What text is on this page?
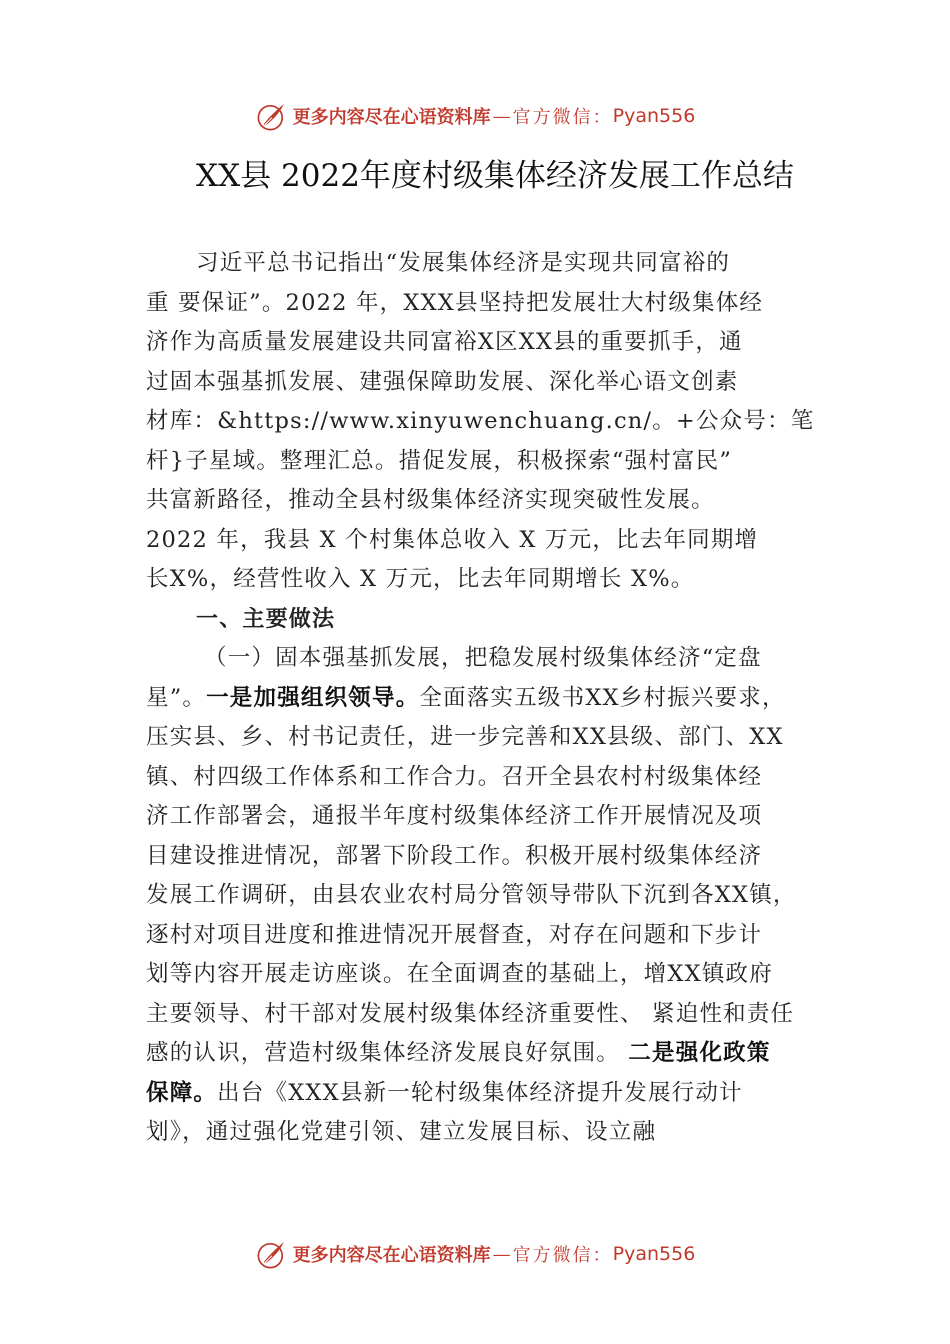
更多内容尽在心语资料库 — 官方微信： Pyan556
XX县 2022年度村级集体经济发展工作总结
习近平总书记指出“发展集体经济是实现共同富裕的
重 要保证”。2022 年，XXX县坚持把发展壮大村级集体经
济作为高质量发展建设共同富裕X区XX县的重要抓手，通
过固本强基抓发展、建强保障助发展、深化举心语文创素
材库：&https://www.xinyuwenchuang.cn/。+公众号：笔
杆}子星域。整理汇总。措促发展，积极探索“强村富民”
共富新路径，推动全县村级集体经济实现突破性发展。
2022 年，我县 X 个村集体总收入 X 万元，比去年同期增
长X%，经营性收入 X 万元，比去年同期增长 X%。
一、主要做法
（一）固本强基抓发展，把稳发展村级集体经济“定盘
星”。一是加强组织领导。全面落实五级书XX乡村振兴要求，
压实县、乡、村书记责任，进一步完善和XX县级、部门、XX
镇、村四级工作体系和工作合力。召开全县农村村级集体经
济工作部署会，通报半年度村级集体经济工作开展情况及项
目建设推进情况，部署下阶段工作。积极开展村级集体经济
发展工作调研，由县农业农村局分管领导带队下沉到各XX镇，
逐村对项目进度和推进情况开展督查，对存在问题和下步计
划等内容开展走访座谈。在全面调查的基础上，增XX镇政府
主要领导、村干部对发展村级集体经济重要性、 紧迫性和责任
感的认识，营造村级集体经济发展良好氛围。 二是强化政策
保障。出台《XXX县新一轮村级集体经济提升发展行动计
划》，通过强化党建引领、建立发展目标、设立融
更多内容尽在心语资料库 — 官方微信： Pyan556
